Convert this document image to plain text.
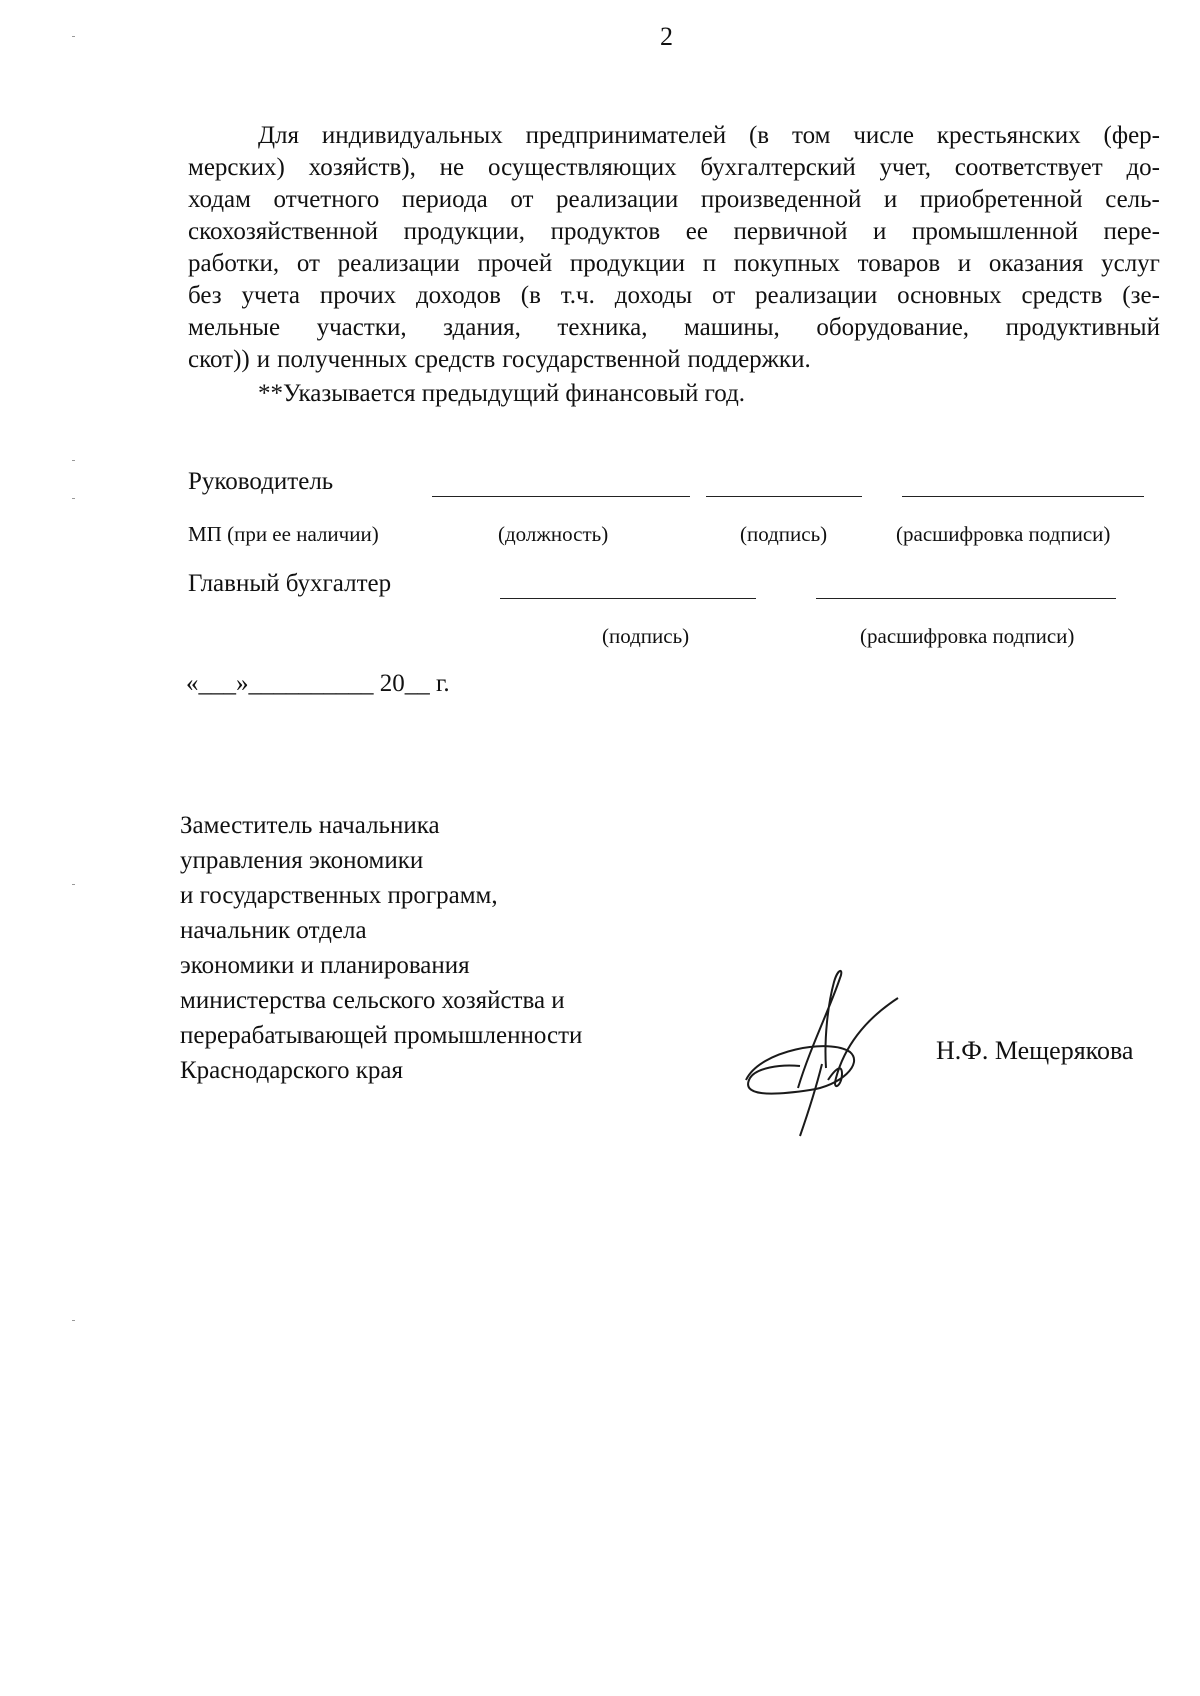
2
Для индивидуальных предпринимателей (в том числе крестьянских (фер-
мерских) хозяйств), не осуществляющих бухгалтерский учет, соответствует до-
ходам отчетного периода от реализации произведенной и приобретенной сель-
скохозяйственной продукции, продуктов ее первичной и промышленной пере-
работки, от реализации прочей продукции п покупных товаров и оказания услуг
без учета прочих доходов (в т.ч. доходы от реализации основных средств (зе-
мельные участки, здания, техника, машины, оборудование, продуктивный
скот)) и полученных средств государственной поддержки.
**Указывается предыдущий финансовый год.
Руководитель
МП (при ее наличии)	(должность)	(подпись)	(расшифровка подписи)
Главный бухгалтер
(подпись)	(расшифровка подписи)
«___»__________ 20__ г.
Заместитель начальника
управления экономики
и государственных программ,
начальник отдела
экономики и планирования
министерства сельского хозяйства и
перерабатывающей промышленности
Краснодарского края
Н.Ф. Мещерякова
